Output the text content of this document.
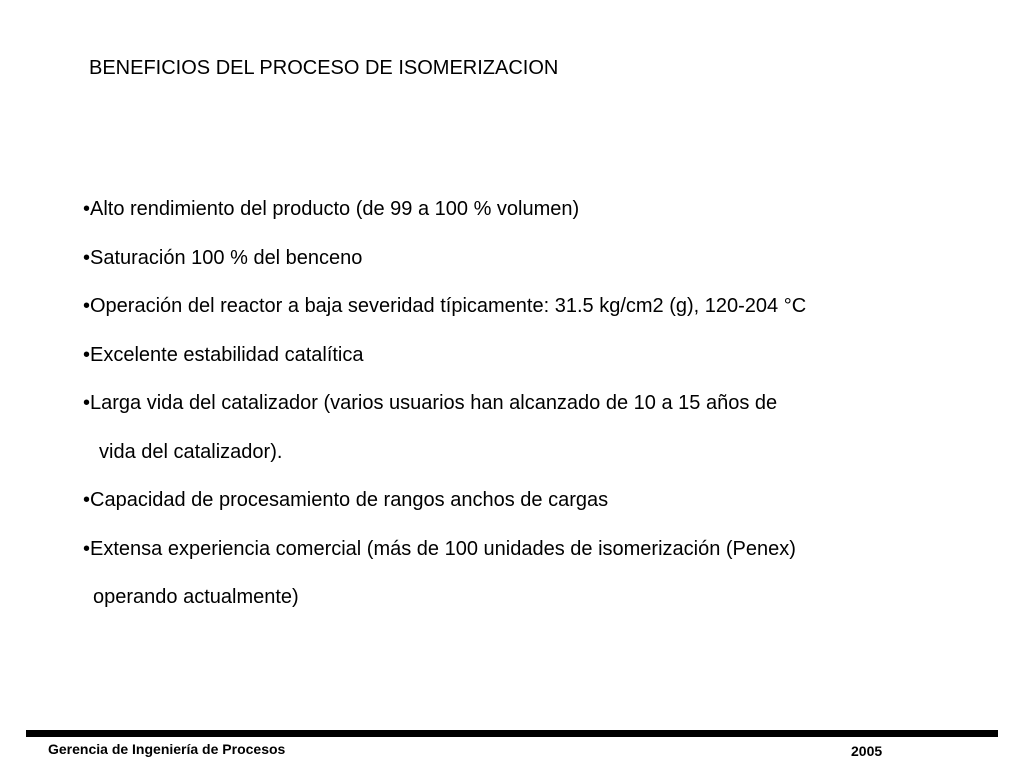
BENEFICIOS DEL PROCESO DE ISOMERIZACION
•Alto rendimiento del producto (de 99 a 100 % volumen)
•Saturación 100 % del benceno
•Operación del reactor a baja severidad típicamente: 31.5 kg/cm2 (g), 120-204 °C
•Excelente estabilidad catalítica
•Larga vida del catalizador (varios usuarios han alcanzado de 10 a 15 años de
vida del catalizador).
•Capacidad de procesamiento de rangos anchos de cargas
•Extensa experiencia comercial (más de 100 unidades de isomerización (Penex)
operando actualmente)
Gerencia de Ingeniería de Procesos	2005
